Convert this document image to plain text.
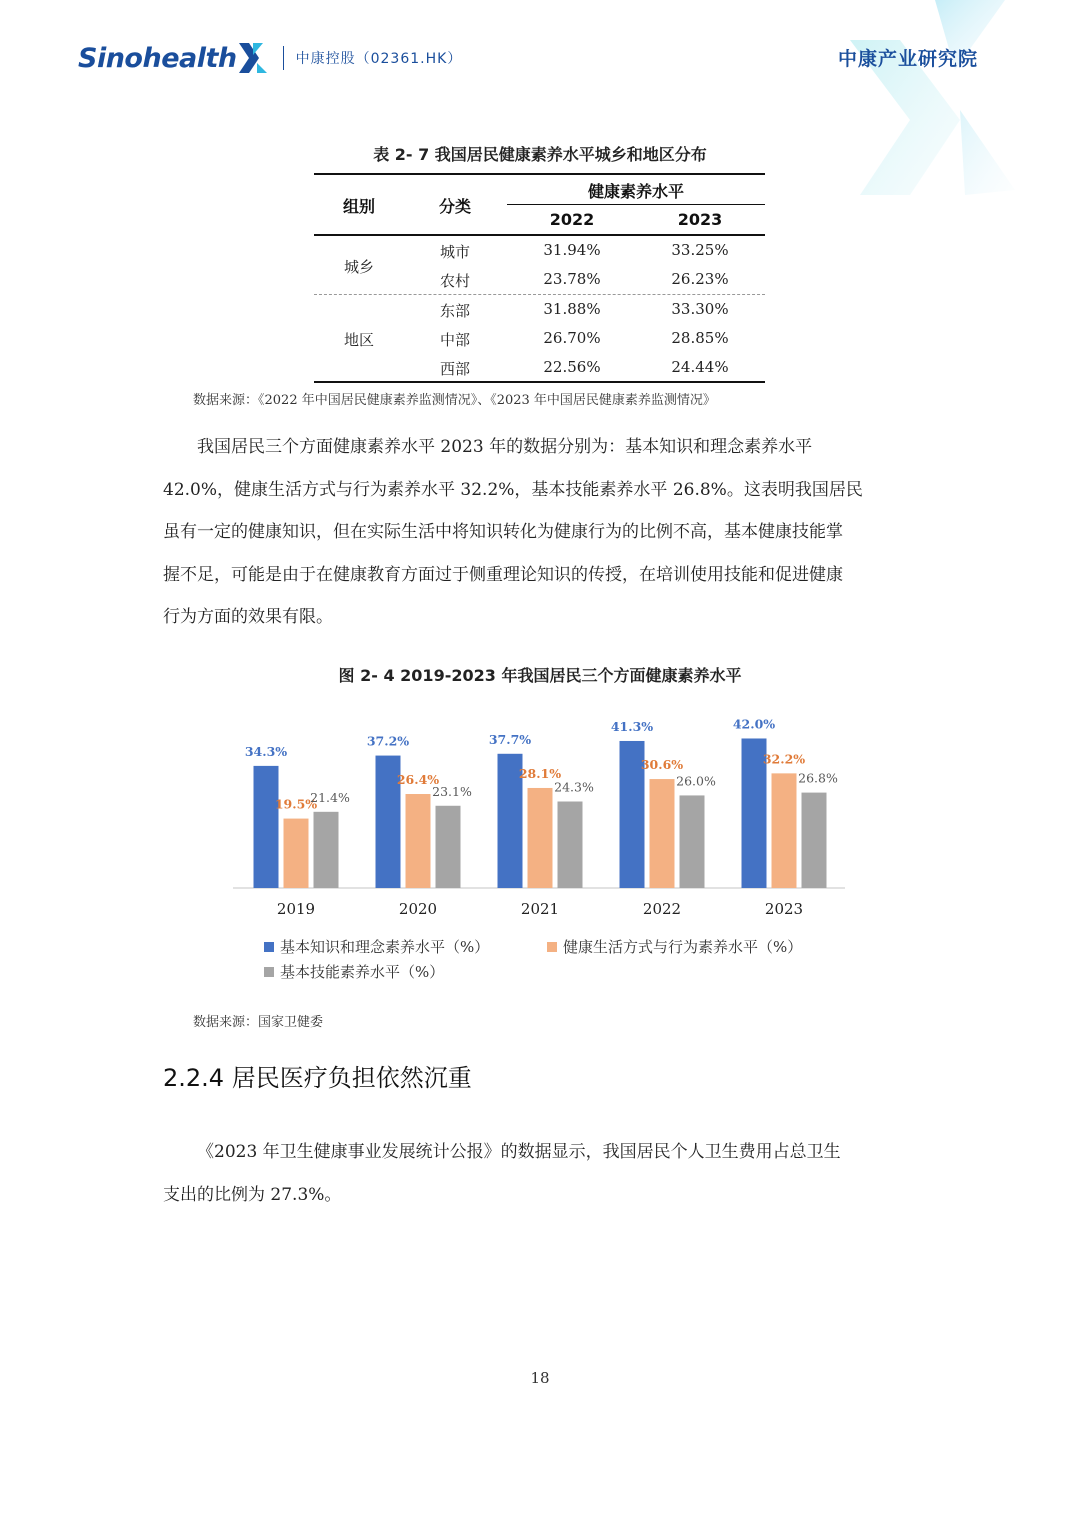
Sinohealth	中康控股（02361.HK）	中康产业研究院
表 2- 7 我国居民健康素养水平城乡和地区分布
组别	分类
健康素养水平
2022	2023
城乡
城市	31.94%	33.25%
农村	23.78%	26.23%
地区
东部	31.88%	33.30%
中部	26.70%	28.85%
西部	22.56%	24.44%
数据来源：《2022 年中国居民健康素养监测情况》、《2023 年中国居民健康素养监测情况》

我国居民三个方面健康素养水平 2023 年的数据分别为：基本知识和理念素养水平

42.0%，健康生活方式与行为素养水平 32.2%，基本技能素养水平 26.8%。这表明我国居民

虽有一定的健康知识，但在实际生活中将知识转化为健康行为的比例不高，基本健康技能掌

握不足，可能是由于在健康教育方面过于侧重理论知识的传授，在培训使用技能和促进健康

行为方面的效果有限。

图 2- 4 2019-2023 年我国居民三个方面健康素养水平
34.3%
19.5%
21.4%
2019
37.2%
26.4%
23.1%
2020
37.7%
28.1%
24.3%
2021
41.3%
30.6%
26.0%
2022
42.0%
32.2%
26.8%
2023
基本知识和理念素养水平（%）	健康生活方式与行为素养水平（%）
基本技能素养水平（%）
数据来源：国家卫健委
2.2.4 居民医疗负担依然沉重

《2023 年卫生健康事业发展统计公报》的数据显示，我国居民个人卫生费用占总卫生

支出的比例为 27.3%。

18
